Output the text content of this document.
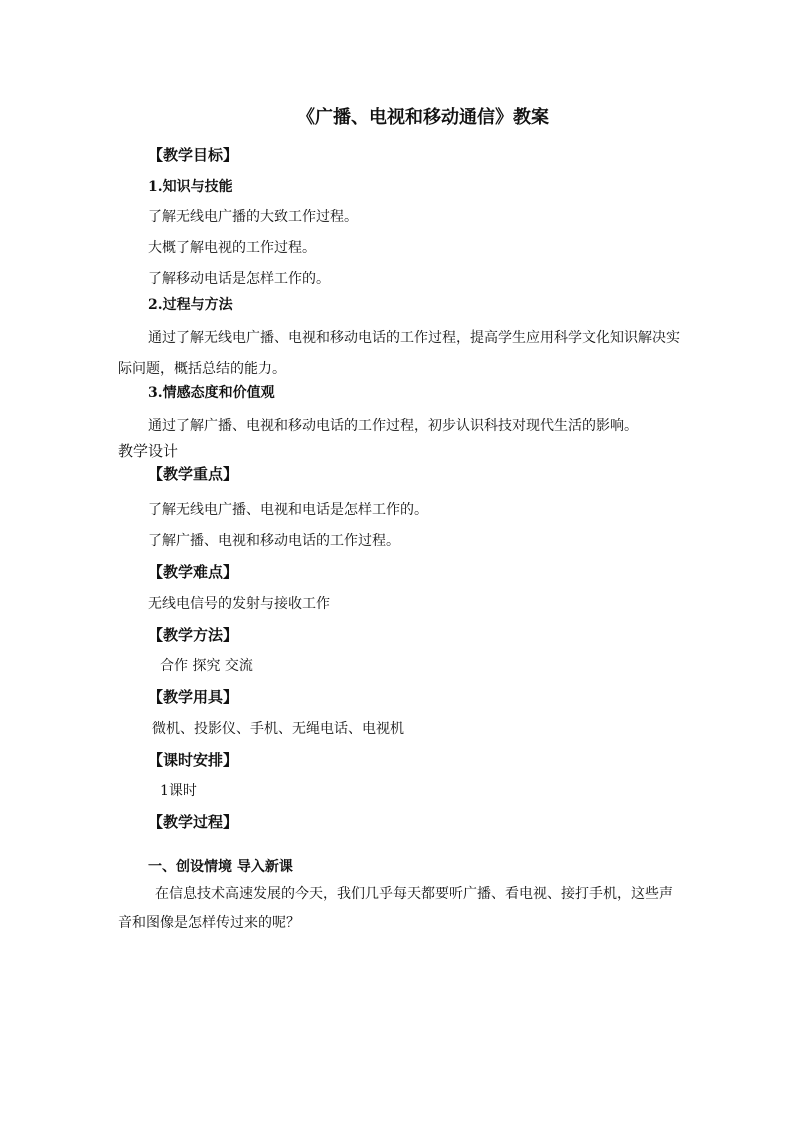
《广播、电视和移动通信》教案
【教学目标】
1.知识与技能
了解无线电广播的大致工作过程。
大概了解电视的工作过程。
了解移动电话是怎样工作的。
2.过程与方法
通过了解无线电广播、电视和移动电话的工作过程，提高学生应用科学文化知识解决实
际问题，概括总结的能力。
3.情感态度和价值观
通过了解广播、电视和移动电话的工作过程，初步认识科技对现代生活的影响。
教学设计
【教学重点】
了解无线电广播、电视和电话是怎样工作的。
了解广播、电视和移动电话的工作过程。
【教学难点】
无线电信号的发射与接收工作
【教学方法】
合作 探究 交流
【教学用具】
微机、投影仪、手机、无绳电话、电视机
【课时安排】
1课时
【教学过程】
一、创设情境 导入新课
在信息技术高速发展的今天，我们几乎每天都要听广播、看电视、接打手机，这些声
音和图像是怎样传过来的呢？
